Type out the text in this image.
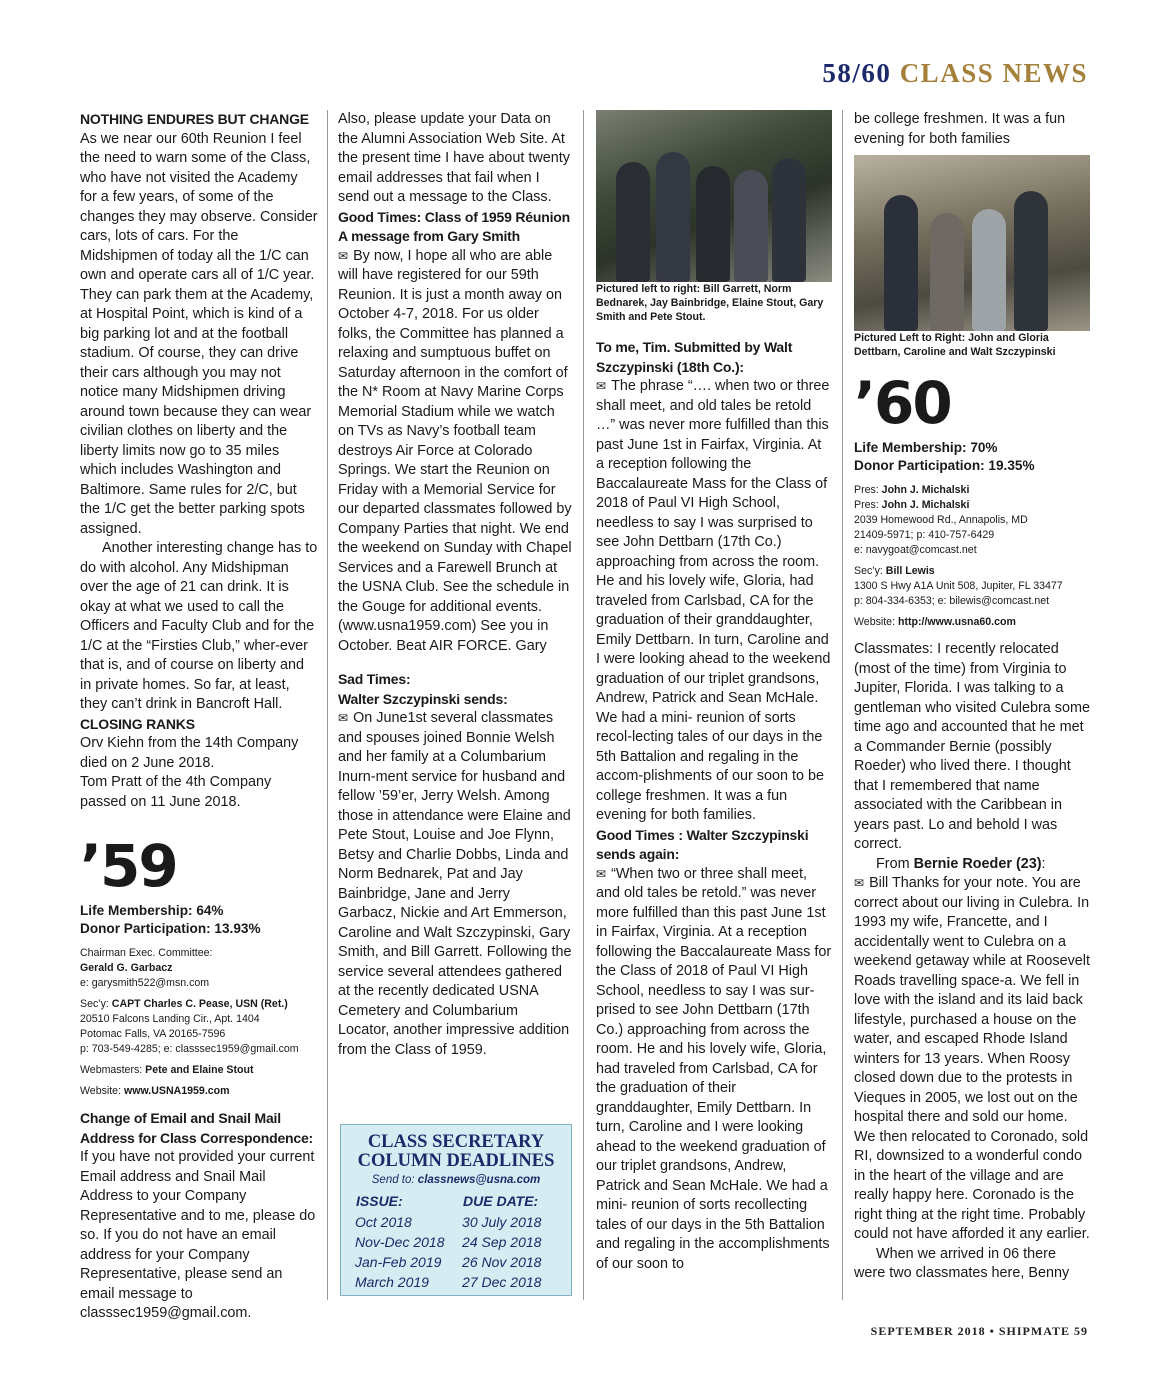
58/60 CLASS NEWS

NOTHING ENDURES BUT CHANGE

As we near our 60th Reunion I feel the need to warn some of the Class, who have not visited the Academy for a few years, of some of the changes they may observe. Consider cars, lots of cars. For the Midshipmen of today all the 1/C can own and operate cars all of 1/C year. They can park them at the Academy, at Hospital Point, which is kind of a big parking lot and at the football stadium. Of course, they can drive their cars although you may not notice many Midshipmen driving around town because they can wear civilian clothes on liberty and the liberty limits now go to 35 miles which includes Washington and Baltimore. Same rules for 2/C, but the 1/C get the better parking spots assigned.

Another interesting change has to do with alcohol. Any Midshipman over the age of 21 can drink. It is okay at what we used to call the Officers and Faculty Club and for the 1/C at the “Firsties Club,” wher-ever that is, and of course on liberty and in private homes. So far, at least, they can’t drink in Bancroft Hall.

CLOSING RANKS

Orv Kiehn from the 14th Company died on 2 June 2018.

Tom Pratt of the 4th Company passed on 11 June 2018.

’59

Life Membership: 64%

Donor Participation: 13.93%

Chairman Exec. Committee:
Gerald G. Garbacz
e: garysmith522@msn.com
Sec’y: CAPT Charles C. Pease, USN (Ret.)
20510 Falcons Landing Cir., Apt. 1404
Potomac Falls, VA 20165-7596
p: 703-549-4285; e: classsec1959@gmail.com
Webmasters: Pete and Elaine Stout
Website: www.USNA1959.com

Change of Email and Snail Mail Address for Class Correspondence:

If you have not provided your current Email address and Snail Mail Address to your Company Representative and to me, please do so. If you do not have an email address for your Company Representative, please send an email message to classsec1959@gmail.com.

Also, please update your Data on the Alumni Association Web Site. At the present time I have about twenty email addresses that fail when I send out a message to the Class.

Good Times: Class of 1959 Réunion A message from Gary Smith

✉ By now, I hope all who are able will have registered for our 59th Reunion. It is just a month away on October 4-7, 2018. For us older folks, the Committee has planned a relaxing and sumptuous buffet on Saturday afternoon in the comfort of the N* Room at Navy Marine Corps Memorial Stadium while we watch on TVs as Navy’s football team destroys Air Force at Colorado Springs. We start the Reunion on Friday with a Memorial Service for our departed classmates followed by Company Parties that night. We end the weekend on Sunday with Chapel Services and a Farewell Brunch at the USNA Club. See the schedule in the Gouge for additional events. (www.usna1959.com) See you in October. Beat AIR FORCE. Gary

Sad Times:

Walter Szczypinski sends:

✉ On June1st several classmates and spouses joined Bonnie Welsh and her family at a Columbarium Inurn-ment service for husband and fellow ’59’er, Jerry Welsh. Among those in attendance were Elaine and Pete Stout, Louise and Joe Flynn, Betsy and Charlie Dobbs, Linda and Norm Bednarek, Pat and Jay Bainbridge, Jane and Jerry Garbacz, Nickie and Art Emmerson, Caroline and Walt Szczypinski, Gary Smith, and Bill Garrett. Following the service several attendees gathered at the recently dedicated USNA Cemetery and Columbarium Locator, another impressive addition from the Class of 1959.

CLASS SECRETARY
COLUMN DEADLINES
Send to: classnews@usna.com
ISSUE:	DUE DATE:
Oct 2018	30 July 2018
Nov-Dec 2018	24 Sep 2018
Jan-Feb 2019	26 Nov 2018
March 2019	27 Dec 2018

Pictured left to right: Bill Garrett, Norm Bednarek, Jay Bainbridge, Elaine Stout, Gary Smith and Pete Stout.

To me, Tim. Submitted by Walt Szczypinski (18th Co.):

✉ The phrase “…. when two or three shall meet, and old tales be retold …” was never more fulfilled than this past June 1st in Fairfax, Virginia. At a reception following the Baccalaureate Mass for the Class of 2018 of Paul VI High School, needless to say I was surprised to see John Dettbarn (17th Co.) approaching from across the room. He and his lovely wife, Gloria, had traveled from Carlsbad, CA for the graduation of their granddaughter, Emily Dettbarn. In turn, Caroline and I were looking ahead to the weekend graduation of our triplet grandsons, Andrew, Patrick and Sean McHale. We had a mini- reunion of sorts recol-lecting tales of our days in the 5th Battalion and regaling in the accom-plishments of our soon to be college freshmen. It was a fun evening for both families.

Good Times : Walter Szczypinski sends again:

✉ “When two or three shall meet, and old tales be retold.” was never more fulfilled than this past June 1st in Fairfax, Virginia. At a reception following the Baccalaureate Mass for the Class of 2018 of Paul VI High School, needless to say I was sur-prised to see John Dettbarn (17th Co.) approaching from across the room. He and his lovely wife, Gloria, had traveled from Carlsbad, CA for the graduation of their granddaughter, Emily Dettbarn. In turn, Caroline and I were looking ahead to the weekend graduation of our triplet grandsons, Andrew, Patrick and Sean McHale. We had a mini- reunion of sorts recollecting tales of our days in the 5th Battalion and regaling in the accomplishments of our soon to

be college freshmen. It was a fun evening for both families

Pictured Left to Right: John and Gloria Dettbarn, Caroline and Walt Szczypinski

’60

Life Membership: 70%

Donor Participation: 19.35%

Pres: John J. Michalski
Pres: John J. Michalski
2039 Homewood Rd., Annapolis, MD
21409-5971; p: 410-757-6429
e: navygoat@comcast.net
Sec’y: Bill Lewis
1300 S Hwy A1A Unit 508, Jupiter, FL 33477
p: 804-334-6353; e: bilewis@comcast.net
Website: http://www.usna60.com

Classmates: I recently relocated (most of the time) from Virginia to Jupiter, Florida. I was talking to a gentleman who visited Culebra some time ago and accounted that he met a Commander Bernie (possibly Roeder) who lived there. I thought that I remembered that name associated with the Caribbean in years past. Lo and behold I was correct.

From Bernie Roeder (23):

✉ Bill Thanks for your note. You are correct about our living in Culebra. In 1993 my wife, Francette, and I accidentally went to Culebra on a weekend getaway while at Roosevelt Roads travelling space-a. We fell in love with the island and its laid back lifestyle, purchased a house on the water, and escaped Rhode Island winters for 13 years. When Roosy closed down due to the protests in Vieques in 2005, we lost out on the hospital there and sold our home. We then relocated to Coronado, sold RI, downsized to a wonderful condo in the heart of the village and are really happy here. Coronado is the right thing at the right time. Probably could not have afforded it any earlier.

When we arrived in 06 there were two classmates here, Benny

SEPTEMBER 2018 • SHIPMATE 59
